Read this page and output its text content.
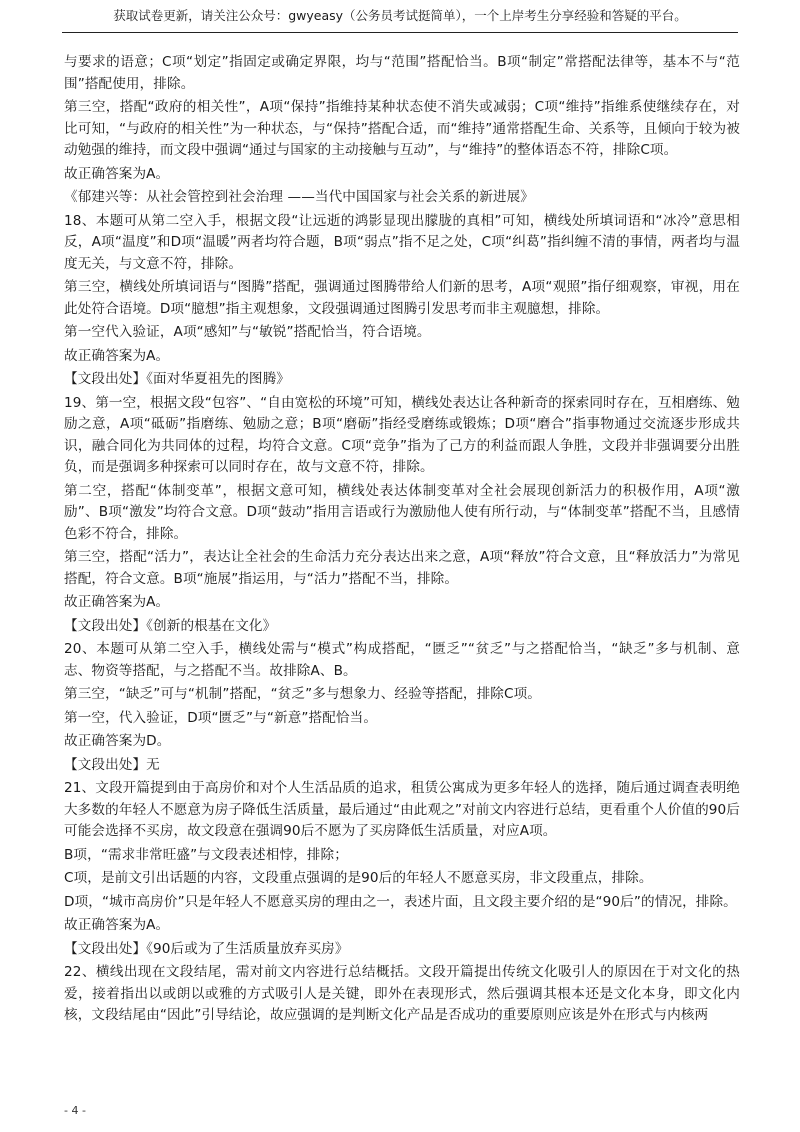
获取试卷更新，请关注公众号：gwyeasy（公务员考试挺简单），一个上岸考生分享经验和答疑的平台。

与要求的语意；C项“划定”指固定或确定界限，均与“范围”搭配恰当。B项“制定”常搭配法律等，基本不与“范围”搭配使用，排除。

第三空，搭配“政府的相关性”，A项“保持”指维持某种状态使不消失或减弱；C项“维持”指维系使继续存在，对比可知，“与政府的相关性”为一种状态，与“保持”搭配合适，而“维持”通常搭配生命、关系等，且倾向于较为被动勉强的维持，而文段中强调“通过与国家的主动接触与互动”，与“维持”的整体语态不符，排除C项。

故正确答案为A。

《郁建兴等：从社会管控到社会治理 ——当代中国国家与社会关系的新进展》

18、本题可从第二空入手，根据文段“让远逝的鸿影显现出朦胧的真相”可知，横线处所填词语和“冰冷”意思相反，A项“温度”和D项“温暖”两者均符合题，B项“弱点”指不足之处，C项“纠葛”指纠缠不清的事情，两者均与温度无关，与文意不符，排除。

第三空，横线处所填词语与“图腾”搭配，强调通过图腾带给人们新的思考，A项“观照”指仔细观察，审视，用在此处符合语境。D项“臆想”指主观想象，文段强调通过图腾引发思考而非主观臆想，排除。

第一空代入验证，A项“感知”与“敏锐”搭配恰当，符合语境。

故正确答案为A。

【文段出处】《面对华夏祖先的图腾》

19、第一空，根据文段“包容”、“自由宽松的环境”可知，横线处表达让各种新奇的探索同时存在，互相磨练、勉励之意，A项“砥砺”指磨练、勉励之意；B项“磨砺”指经受磨练或锻炼；D项“磨合”指事物通过交流逐步形成共识，融合同化为共同体的过程，均符合文意。C项“竞争”指为了己方的利益而跟人争胜，文段并非强调要分出胜负，而是强调多种探索可以同时存在，故与文意不符，排除。

第二空，搭配“体制变革”，根据文意可知，横线处表达体制变革对全社会展现创新活力的积极作用，A项“激励”、B项“激发”均符合文意。D项“鼓动”指用言语或行为激励他人使有所行动，与“体制变革”搭配不当，且感情色彩不符合，排除。

第三空，搭配“活力”，表达让全社会的生命活力充分表达出来之意，A项“释放”符合文意，且“释放活力”为常见搭配，符合文意。B项“施展”指运用，与“活力”搭配不当，排除。

故正确答案为A。

【文段出处】《创新的根基在文化》

20、本题可从第二空入手，横线处需与“模式”构成搭配，“匮乏”“贫乏”与之搭配恰当，“缺乏”多与机制、意志、物资等搭配，与之搭配不当。故排除A、B。

第三空，“缺乏”可与“机制”搭配，“贫乏”多与想象力、经验等搭配，排除C项。

第一空，代入验证，D项“匮乏”与“新意”搭配恰当。

故正确答案为D。

【文段出处】无

21、文段开篇提到由于高房价和对个人生活品质的追求，租赁公寓成为更多年轻人的选择，随后通过调查表明绝大多数的年轻人不愿意为房子降低生活质量，最后通过“由此观之”对前文内容进行总结，更看重个人价值的90后可能会选择不买房，故文段意在强调90后不愿为了买房降低生活质量，对应A项。

B项，“需求非常旺盛”与文段表述相悖，排除；

C项，是前文引出话题的内容，文段重点强调的是90后的年轻人不愿意买房，非文段重点，排除。

D项，“城市高房价”只是年轻人不愿意买房的理由之一，表述片面，且文段主要介绍的是“90后”的情况，排除。

故正确答案为A。

【文段出处】《90后或为了生活质量放弃买房》

22、横线出现在文段结尾，需对前文内容进行总结概括。文段开篇提出传统文化吸引人的原因在于对文化的热爱，接着指出以或朗以或雅的方式吸引人是关键，即外在表现形式，然后强调其根本还是文化本身，即文化内核，文段结尾由“因此”引导结论，故应强调的是判断文化产品是否成功的重要原则应该是外在形式与内核两

- 4 -
